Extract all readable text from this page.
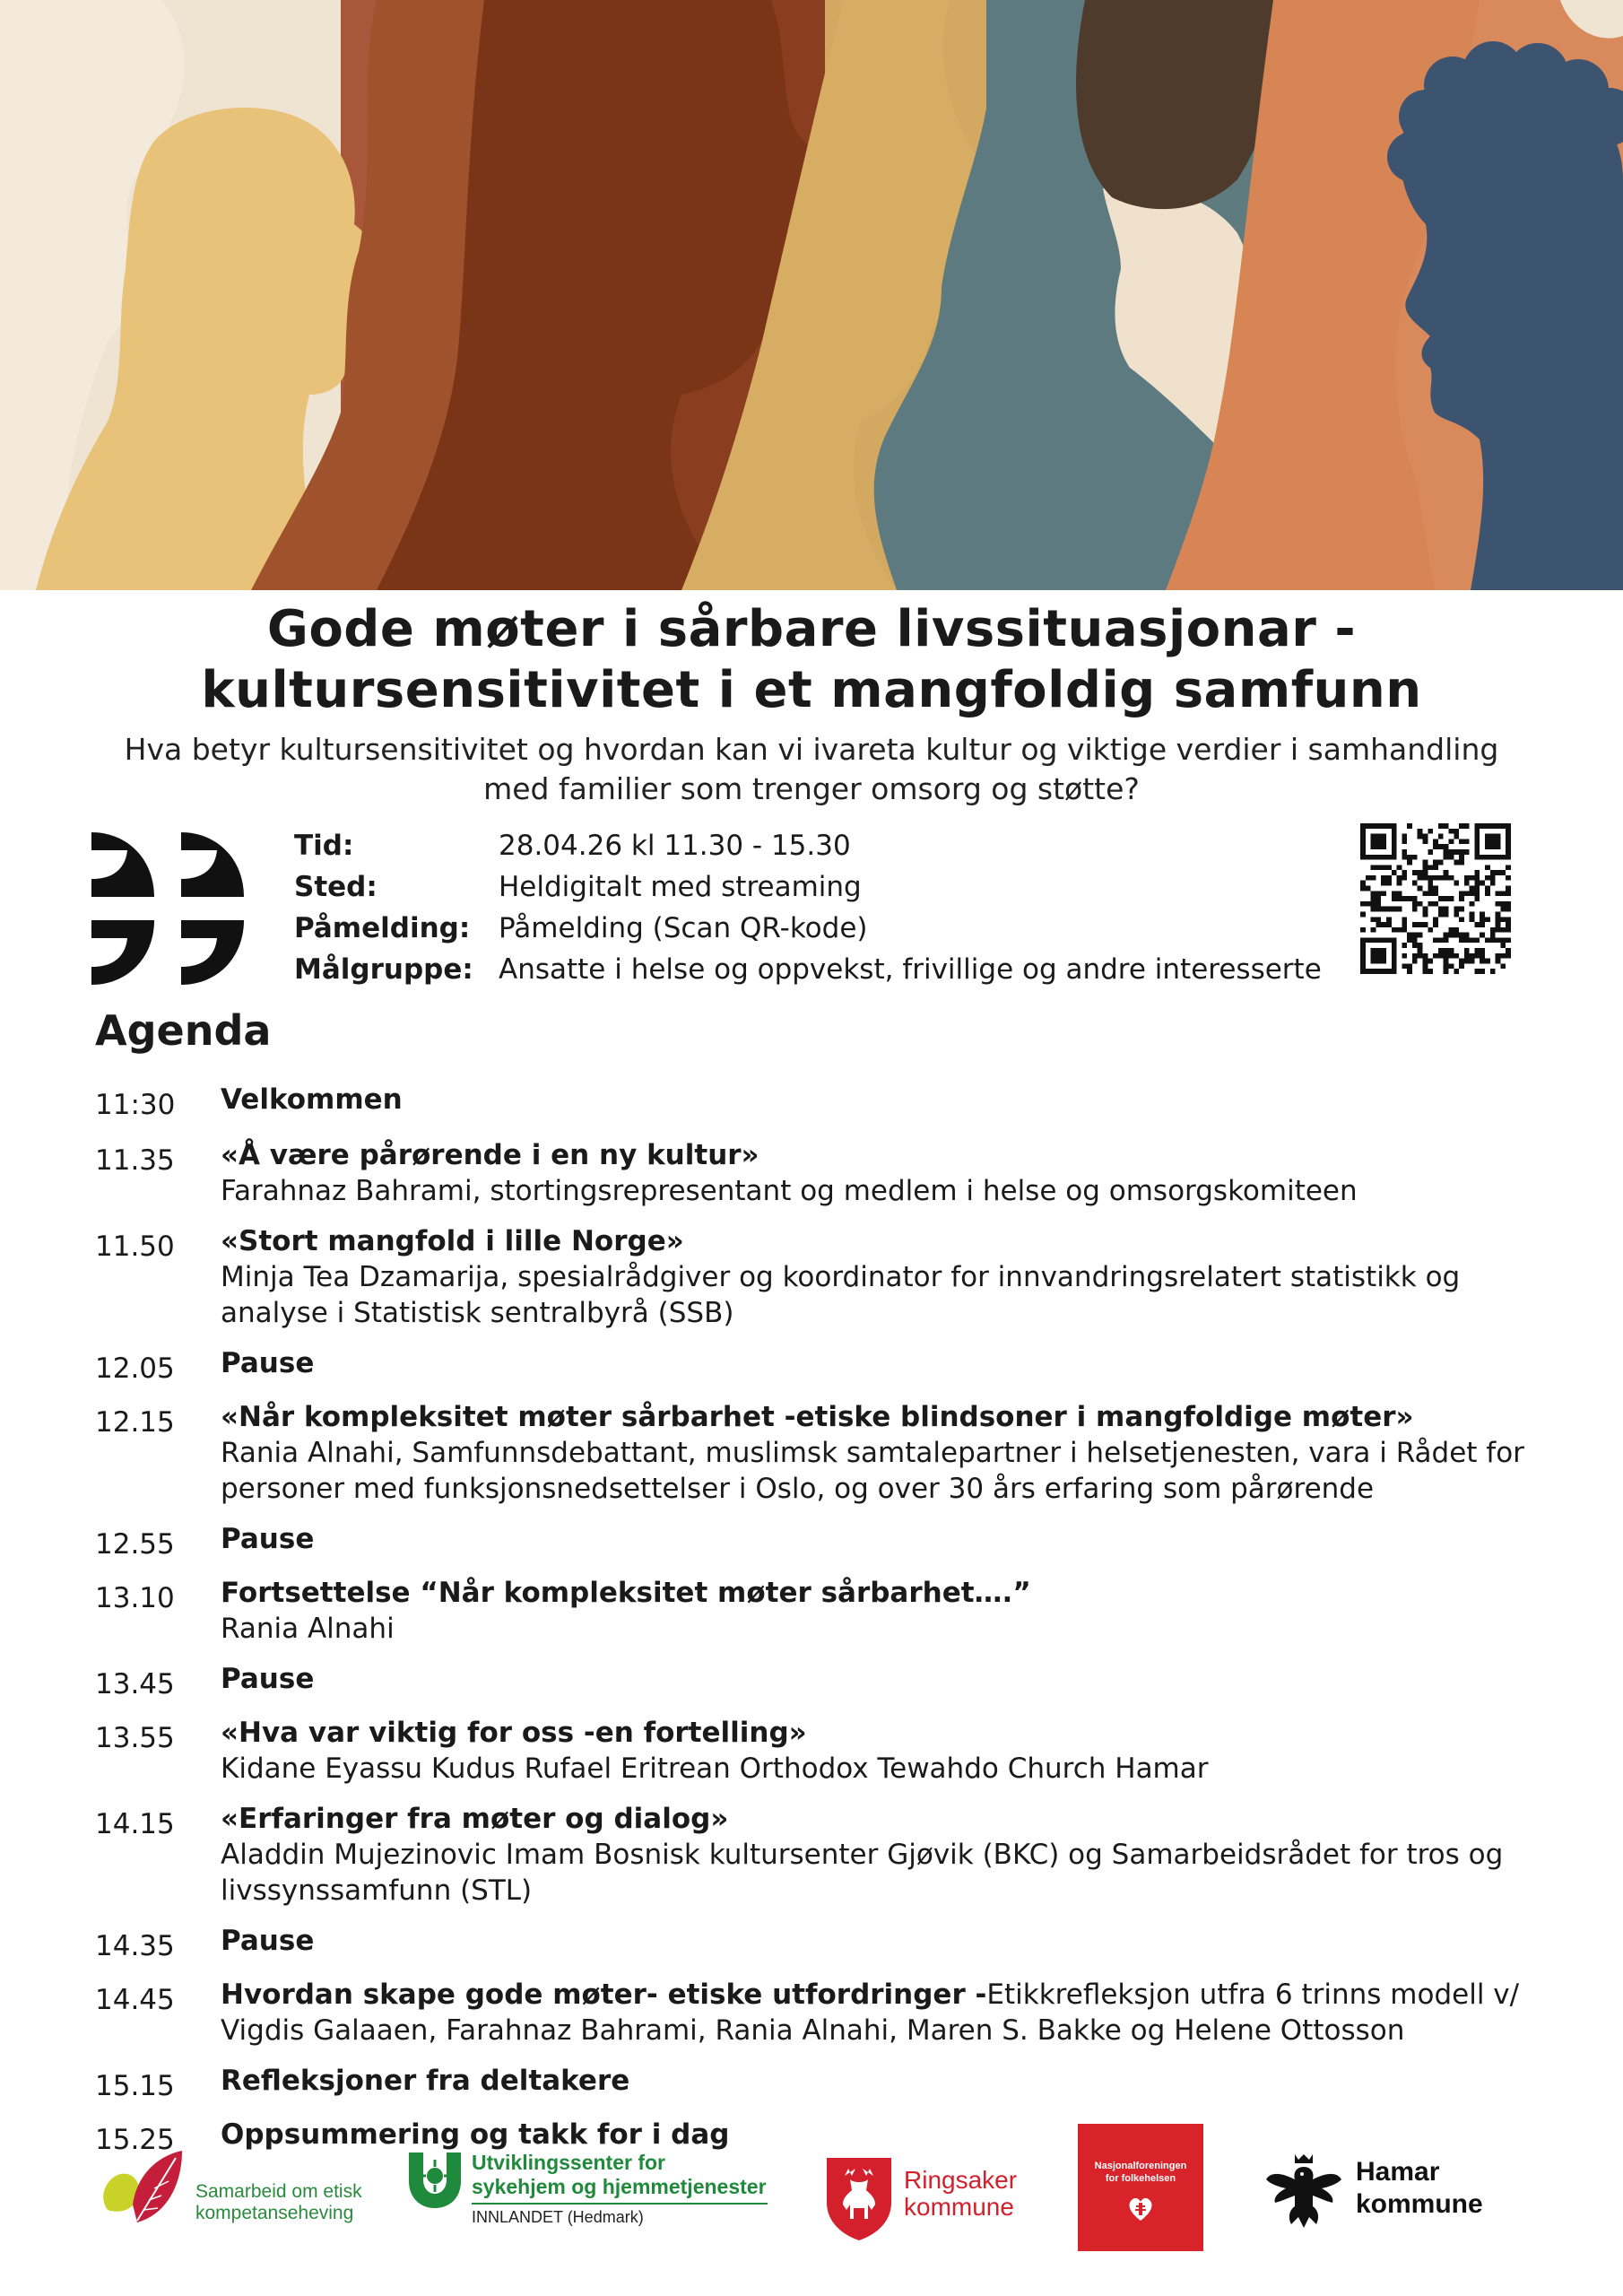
Gode møter i sårbare livssituasjonar -
kultursensitivitet i et mangfoldig samfunn
Hva betyr kultursensitivitet og hvordan kan vi ivareta kultur og viktige verdier i samhandling med familier som trenger omsorg og støtte?
Tid:	28.04.26 kl 11.30 - 15.30
Sted:	Heldigitalt med streaming
Påmelding:	Påmelding (Scan QR-kode)
Målgruppe: Ansatte i helse og oppvekst, frivillige og andre interesserte
Agenda
11:30	Velkommen
11.35	«Å være pårørende i en ny kultur»
Farahnaz Bahrami, stortingsrepresentant og medlem i helse og omsorgskomiteen
11.50	«Stort mangfold i lille Norge»
Minja Tea Dzamarija, spesialrådgiver og koordinator for innvandringsrelatert statistikk og analyse i Statistisk sentralbyrå (SSB)
12.05	Pause
12.15	«Når kompleksitet møter sårbarhet -etiske blindsoner i mangfoldige møter»
Rania Alnahi, Samfunnsdebattant, muslimsk samtalepartner i helsetjenesten, vara i Rådet for personer med funksjonsnedsettelser i Oslo, og over 30 års erfaring som pårørende
12.55	Pause
13.10	Fortsettelse “Når kompleksitet møter sårbarhet….”
Rania Alnahi
13.45	Pause
13.55	«Hva var viktig for oss -en fortelling»
Kidane Eyassu Kudus Rufael Eritrean Orthodox Tewahdo Church Hamar
14.15	«Erfaringer fra møter og dialog»
Aladdin Mujezinovic Imam Bosnisk kultursenter Gjøvik (BKC) og Samarbeidsrådet for tros og livssynssamfunn (STL)
14.35	Pause
14.45	Hvordan skape gode møter- etiske utfordringer -Etikkrefleksjon utfra 6 trinns modell v/ Vigdis Galaaen, Farahnaz Bahrami, Rania Alnahi, Maren S. Bakke og Helene Ottosson
15.15	Refleksjoner fra deltakere
15.25	Oppsummering og takk for i dag
Samarbeid om etisk
kompetanseheving
Utviklingssenter for
sykehjem og hjemmetjenester
INNLANDET (Hedmark)
Ringsaker
kommune
Nasjonalforeningen
for folkehelsen	Hamar
kommune
